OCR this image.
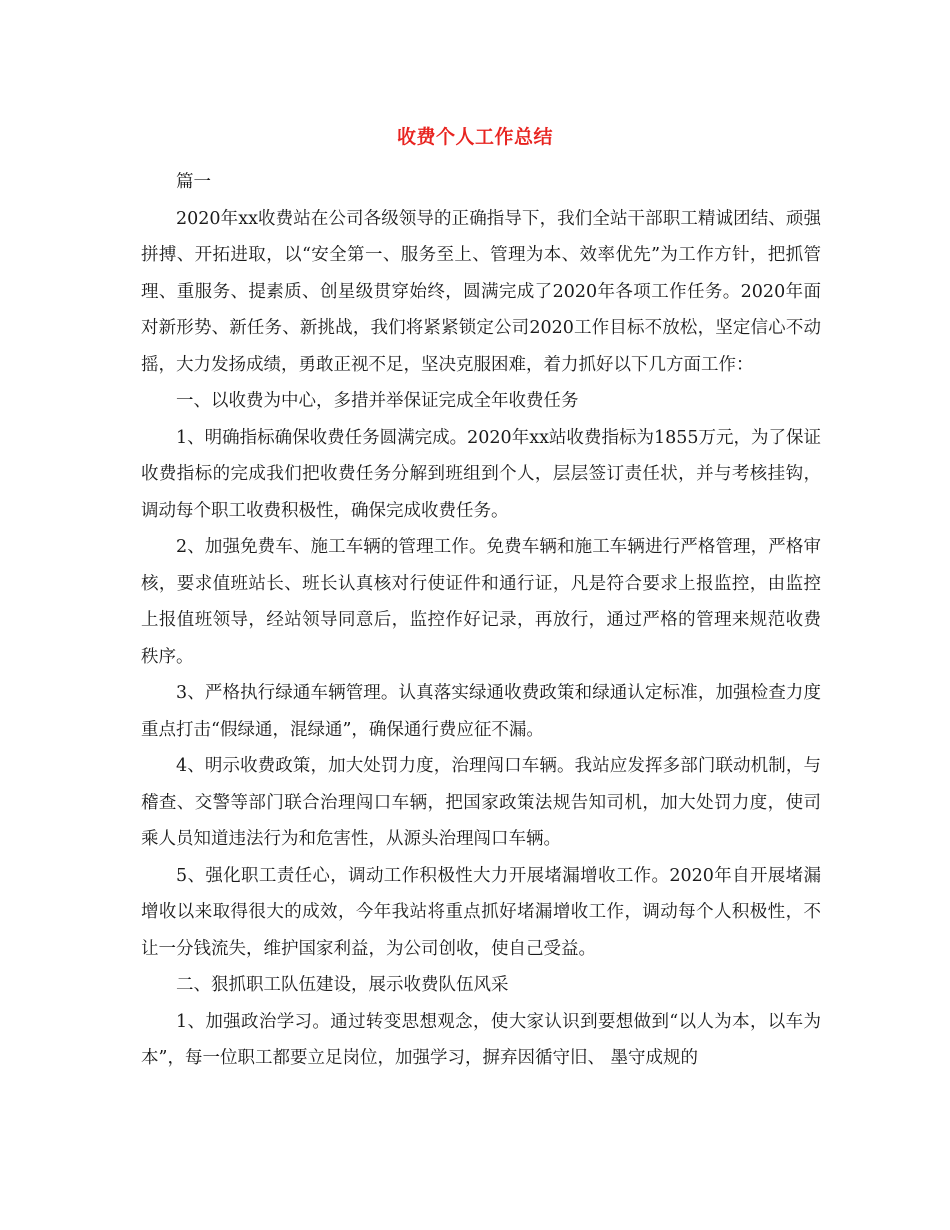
收费个人工作总结

篇一

2020年xx收费站在公司各级领导的正确指导下，我们全站干部职工精诚团结、顽强拼搏、开拓进取，以“安全第一、服务至上、管理为本、效率优先”为工作方针，把抓管理、重服务、提素质、创星级贯穿始终，圆满完成了2020年各项工作任务。2020年面对新形势、新任务、新挑战，我们将紧紧锁定公司2020工作目标不放松，坚定信心不动摇，大力发扬成绩，勇敢正视不足，坚决克服困难，着力抓好以下几方面工作：

一、以收费为中心，多措并举保证完成全年收费任务

1、明确指标确保收费任务圆满完成。2020年xx站收费指标为1855万元，为了保证收费指标的完成我们把收费任务分解到班组到个人，层层签订责任状，并与考核挂钩，调动每个职工收费积极性，确保完成收费任务。

2、加强免费车、施工车辆的管理工作。免费车辆和施工车辆进行严格管理，严格审核，要求值班站长、班长认真核对行使证件和通行证，凡是符合要求上报监控，由监控上报值班领导，经站领导同意后，监控作好记录，再放行，通过严格的管理来规范收费秩序。

3、严格执行绿通车辆管理。认真落实绿通收费政策和绿通认定标准，加强检查力度重点打击“假绿通，混绿通”，确保通行费应征不漏。

4、明示收费政策，加大处罚力度，治理闯口车辆。我站应发挥多部门联动机制，与稽查、交警等部门联合治理闯口车辆，把国家政策法规告知司机，加大处罚力度，使司乘人员知道违法行为和危害性，从源头治理闯口车辆。

5、强化职工责任心，调动工作积极性大力开展堵漏增收工作。2020年自开展堵漏增收以来取得很大的成效，今年我站将重点抓好堵漏增收工作，调动每个人积极性，不让一分钱流失，维护国家利益，为公司创收，使自己受益。

二、狠抓职工队伍建设，展示收费队伍风采

1、加强政治学习。通过转变思想观念，使大家认识到要想做到“以人为本，以车为本”，每一位职工都要立足岗位，加强学习，摒弃因循守旧、 墨守成规的
